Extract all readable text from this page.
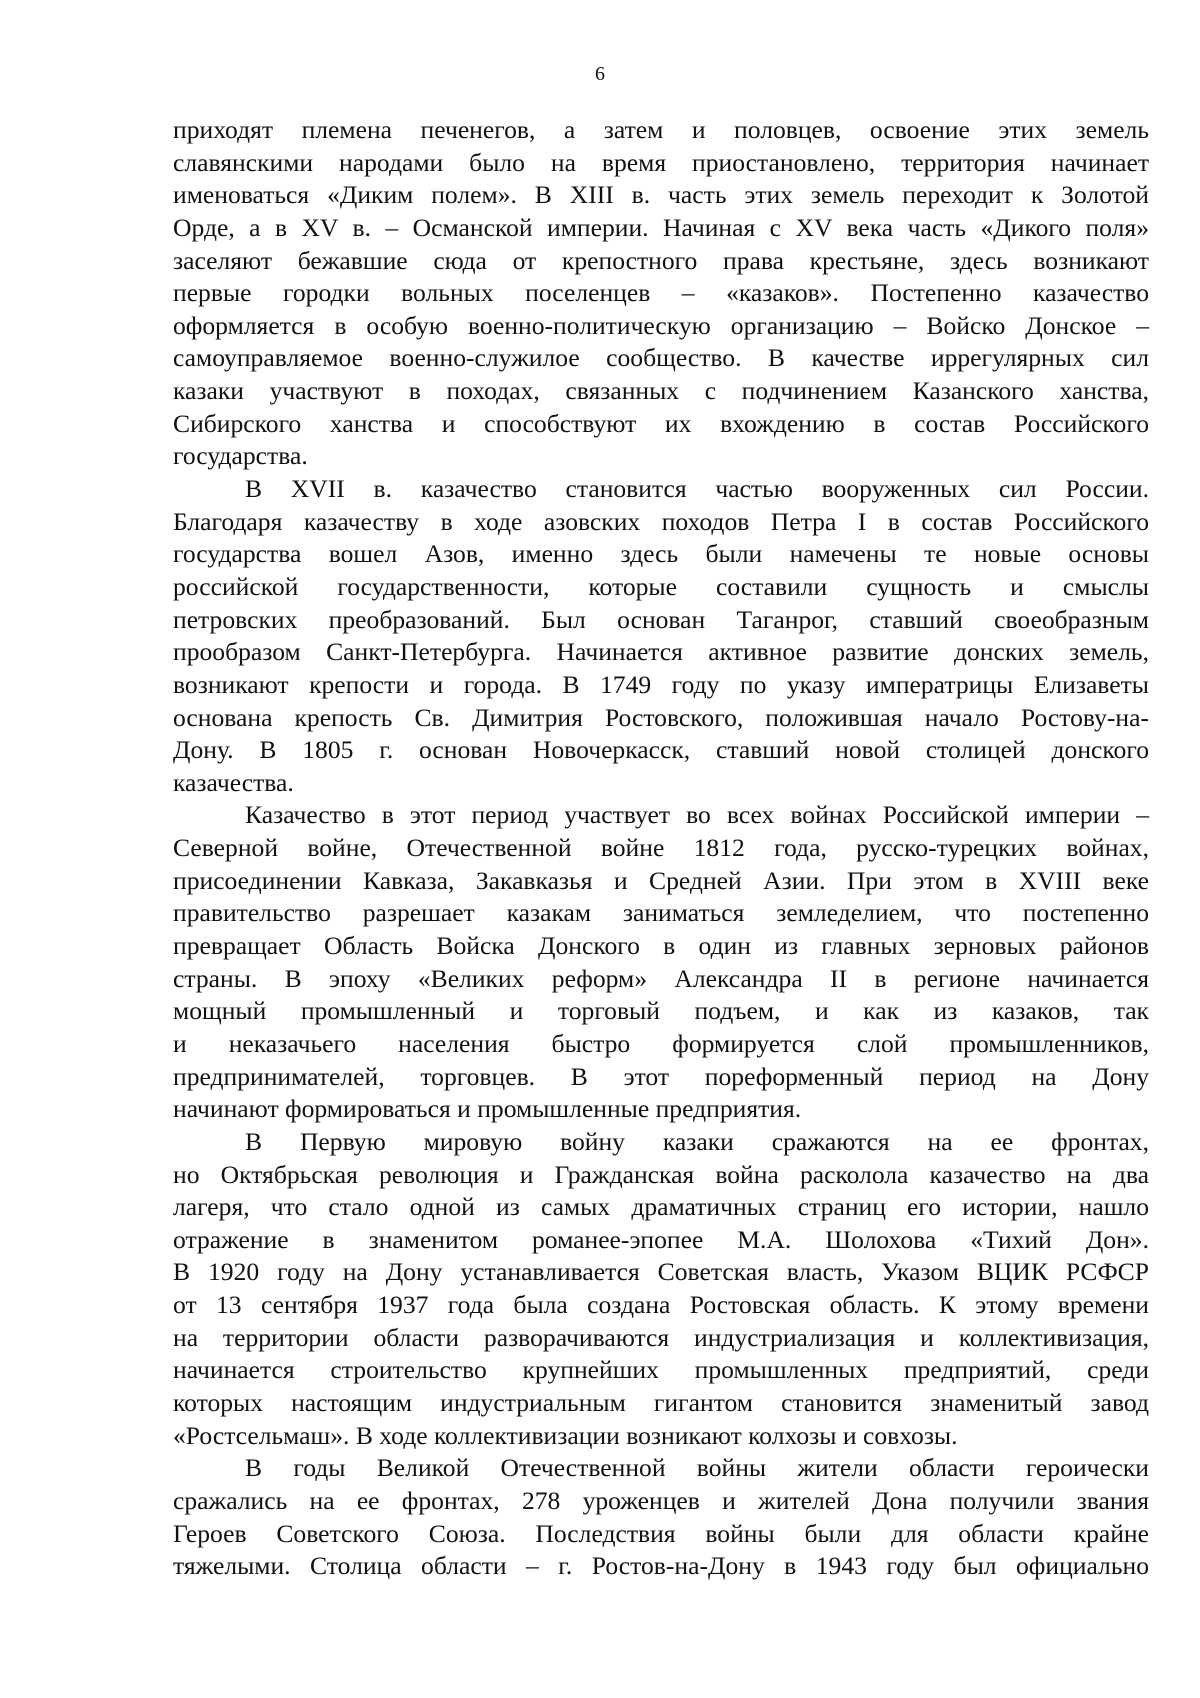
6
приходят племена печенегов, а затем и половцев, освоение этих земель
славянскими народами было на время приостановлено, территория начинает
именоваться «Диким полем». В XIII в. часть этих земель переходит к Золотой
Орде, а в XV в. – Османской империи. Начиная с XV века часть «Дикого поля»
заселяют бежавшие сюда от крепостного права крестьяне, здесь возникают
первые городки вольных поселенцев – «казаков». Постепенно казачество
оформляется в особую военно-политическую организацию – Войско Донское –
самоуправляемое военно-служилое сообщество. В качестве иррегулярных сил
казаки участвуют в походах, связанных с подчинением Казанского ханства,
Сибирского ханства и способствуют их вхождению в состав Российского
государства.
В XVII в. казачество становится частью вооруженных сил России.
Благодаря казачеству в ходе азовских походов Петра I в состав Российского
государства вошел Азов, именно здесь были намечены те новые основы
российской государственности, которые составили сущность и смыслы
петровских преобразований. Был основан Таганрог, ставший своеобразным
прообразом Санкт-Петербурга. Начинается активное развитие донских земель,
возникают крепости и города. В 1749 году по указу императрицы Елизаветы
основана крепость Св. Димитрия Ростовского, положившая начало Ростову-на-
Дону. В 1805 г. основан Новочеркасск, ставший новой столицей донского
казачества.
Казачество в этот период участвует во всех войнах Российской империи –
Северной войне, Отечественной войне 1812 года, русско-турецких войнах,
присоединении Кавказа, Закавказья и Средней Азии. При этом в XVIII веке
правительство разрешает казакам заниматься земледелием, что постепенно
превращает Область Войска Донского в один из главных зерновых районов
страны. В эпоху «Великих реформ» Александра II в регионе начинается
мощный промышленный и торговый подъем, и как из казаков, так
и неказачьего населения быстро формируется слой промышленников,
предпринимателей, торговцев. В этот пореформенный период на Дону
начинают формироваться и промышленные предприятия.
В Первую мировую войну казаки сражаются на ее фронтах,
но Октябрьская революция и Гражданская война расколола казачество на два
лагеря, что стало одной из самых драматичных страниц его истории, нашло
отражение в знаменитом романее-эпопее М.А. Шолохова «Тихий Дон».
В 1920 году на Дону устанавливается Советская власть, Указом ВЦИК РСФСР
от 13 сентября 1937 года была создана Ростовская область. К этому времени
на территории области разворачиваются индустриализация и коллективизация,
начинается строительство крупнейших промышленных предприятий, среди
которых настоящим индустриальным гигантом становится знаменитый завод
«Ростсельмаш». В ходе коллективизации возникают колхозы и совхозы.
В годы Великой Отечественной войны жители области героически
сражались на ее фронтах, 278 уроженцев и жителей Дона получили звания
Героев Советского Союза. Последствия войны были для области крайне
тяжелыми. Столица области – г. Ростов-на-Дону в 1943 году был официально
